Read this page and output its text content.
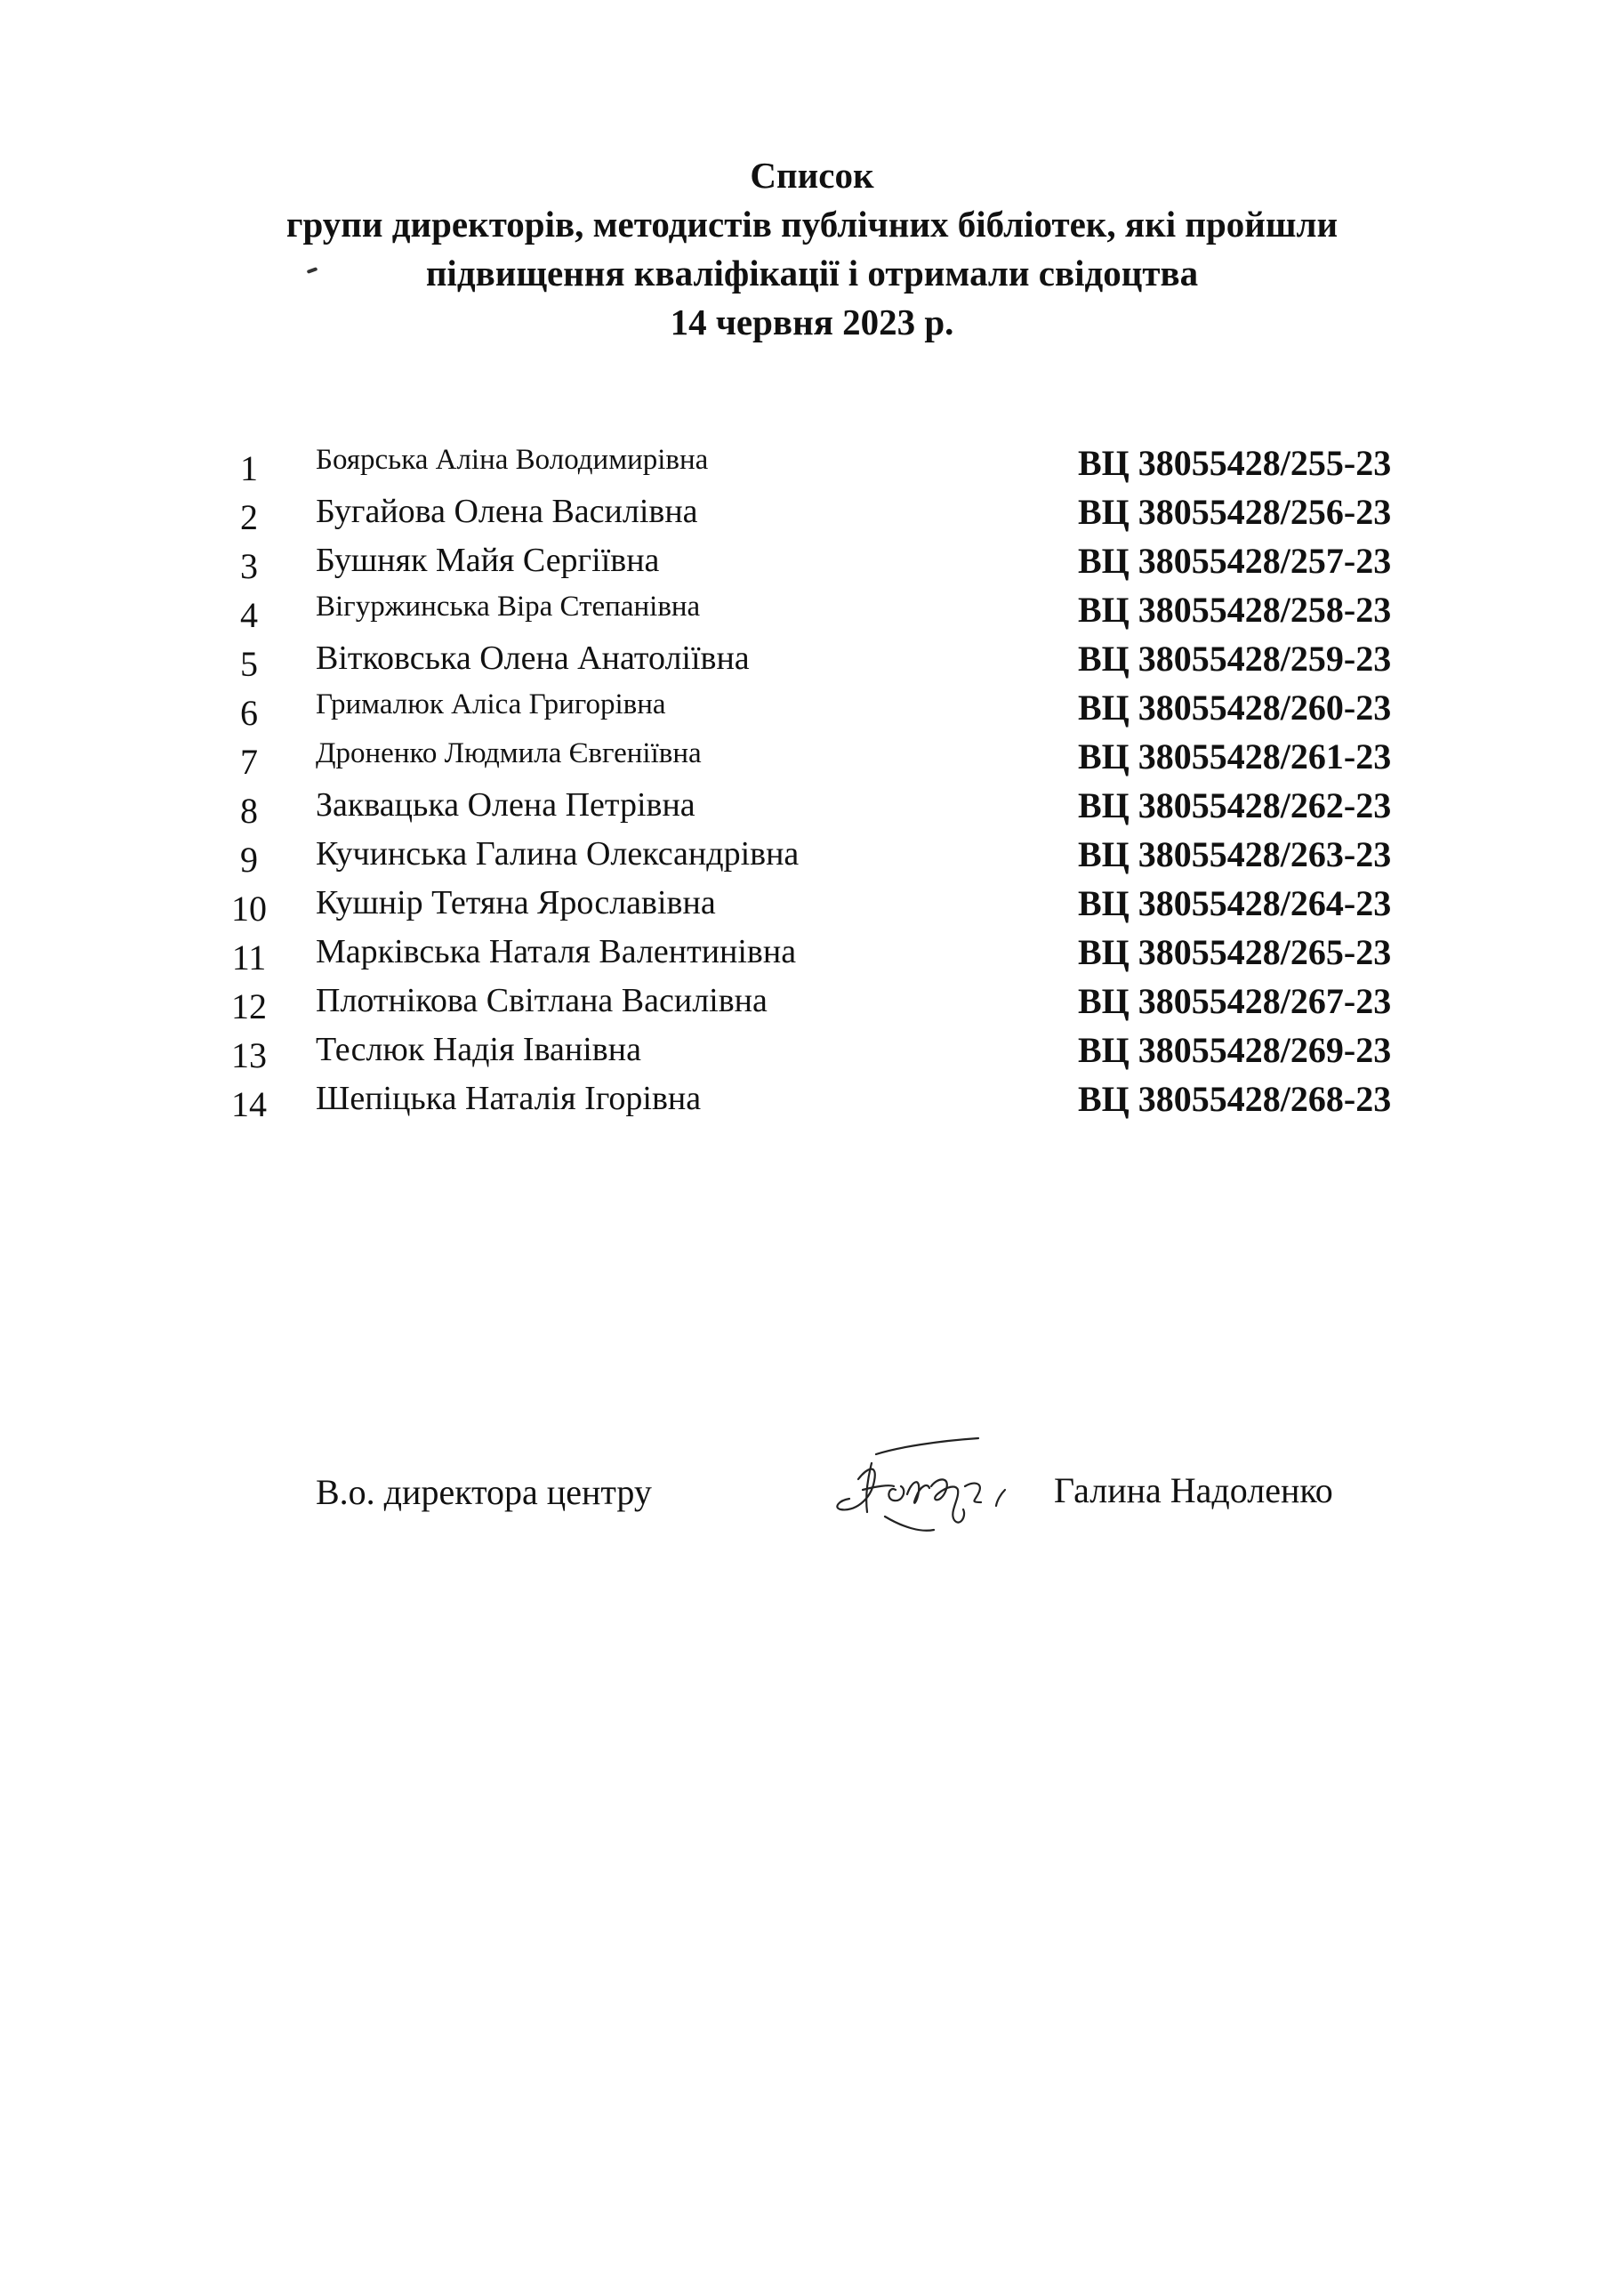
Список
групи директорів, методистів публічних бібліотек, які пройшли
підвищення кваліфікації і отримали свідоцтва
14 червня 2023 р.
1	Боярська Аліна Володимирівна	ВЦ 38055428/255-23
2	Бугайова Олена Василівна	ВЦ 38055428/256-23
3	Бушняк Майя Сергіївна	ВЦ 38055428/257-23
4	Вігуржинська Віра Степанівна	ВЦ 38055428/258-23
5	Вітковська Олена Анатоліївна	ВЦ 38055428/259-23
6	Грималюк Аліса Григорівна	ВЦ 38055428/260-23
7	Дроненко Людмила Євгеніївна	ВЦ 38055428/261-23
8	Заквацька Олена Петрівна	ВЦ 38055428/262-23
9	Кучинська Галина Олександрівна	ВЦ 38055428/263-23
10	Кушнір Тетяна Ярославівна	ВЦ 38055428/264-23
11	Марківська Наталя Валентинівна	ВЦ 38055428/265-23
12	Плотнікова Світлана Василівна	ВЦ 38055428/267-23
13	Теслюк Надія Іванівна	ВЦ 38055428/269-23
14	Шепіцька Наталія Ігорівна	ВЦ 38055428/268-23
В.о. директора центру	Галина Надоленко
